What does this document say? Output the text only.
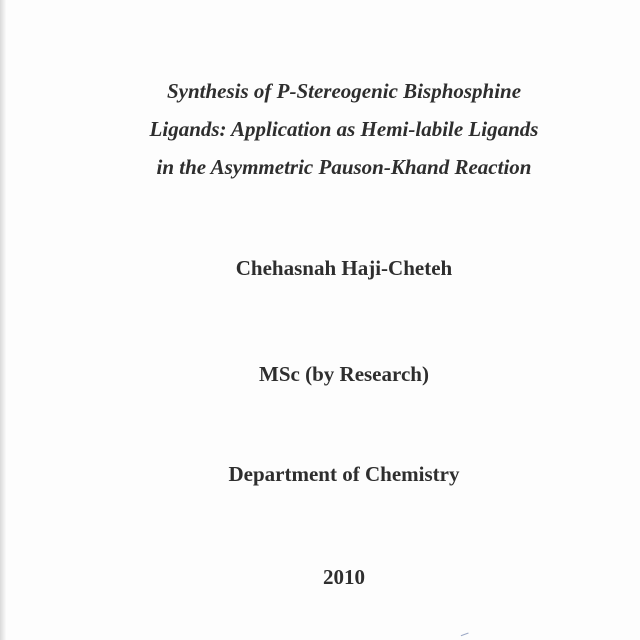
Synthesis of P-Stereogenic Bisphosphine
Ligands: Application as Hemi-labile Ligands
in the Asymmetric Pauson-Khand Reaction
Chehasnah Haji-Cheteh
MSc (by Research)
Department of Chemistry
2010
